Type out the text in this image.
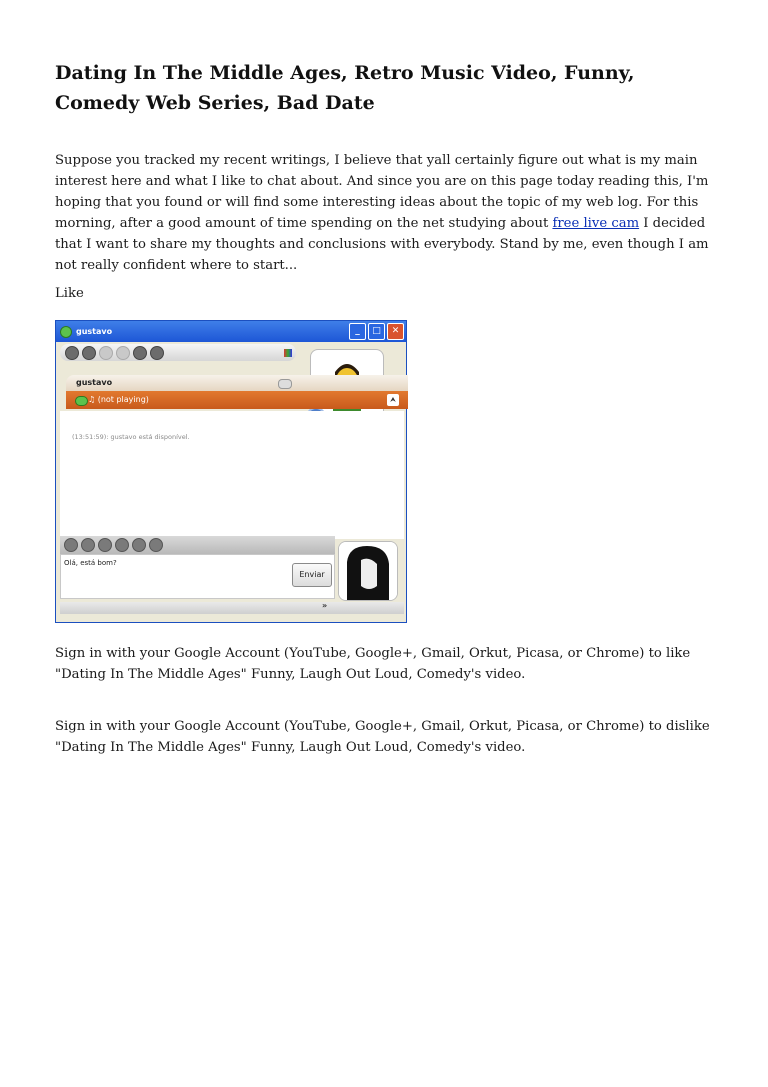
Dating In The Middle Ages, Retro Music Video, Funny, Comedy Web Series, Bad Date

Suppose you tracked my recent writings, I believe that yall certainly figure out what is my main interest here and what I like to chat about. And since you are on this page today reading this, I'm hoping that you found or will find some interesting ideas about the topic of my web log. For this morning, after a good amount of time spending on the net studying about free live cam I decided that I want to share my thoughts and conclusions with everybody. Stand by me, even though I am not really confident where to start...

Like

gustavo	_	□	✕
gustavo
♫ (not playing)	⮝
(13:51:59): gustavo está disponível.
Olá, está bom?
Enviar
»

Sign in with your Google Account (YouTube, Google+, Gmail, Orkut, Picasa, or Chrome) to like "Dating In The Middle Ages" Funny, Laugh Out Loud, Comedy's video.

Sign in with your Google Account (YouTube, Google+, Gmail, Orkut, Picasa, or Chrome) to dislike "Dating In The Middle Ages" Funny, Laugh Out Loud, Comedy's video.
